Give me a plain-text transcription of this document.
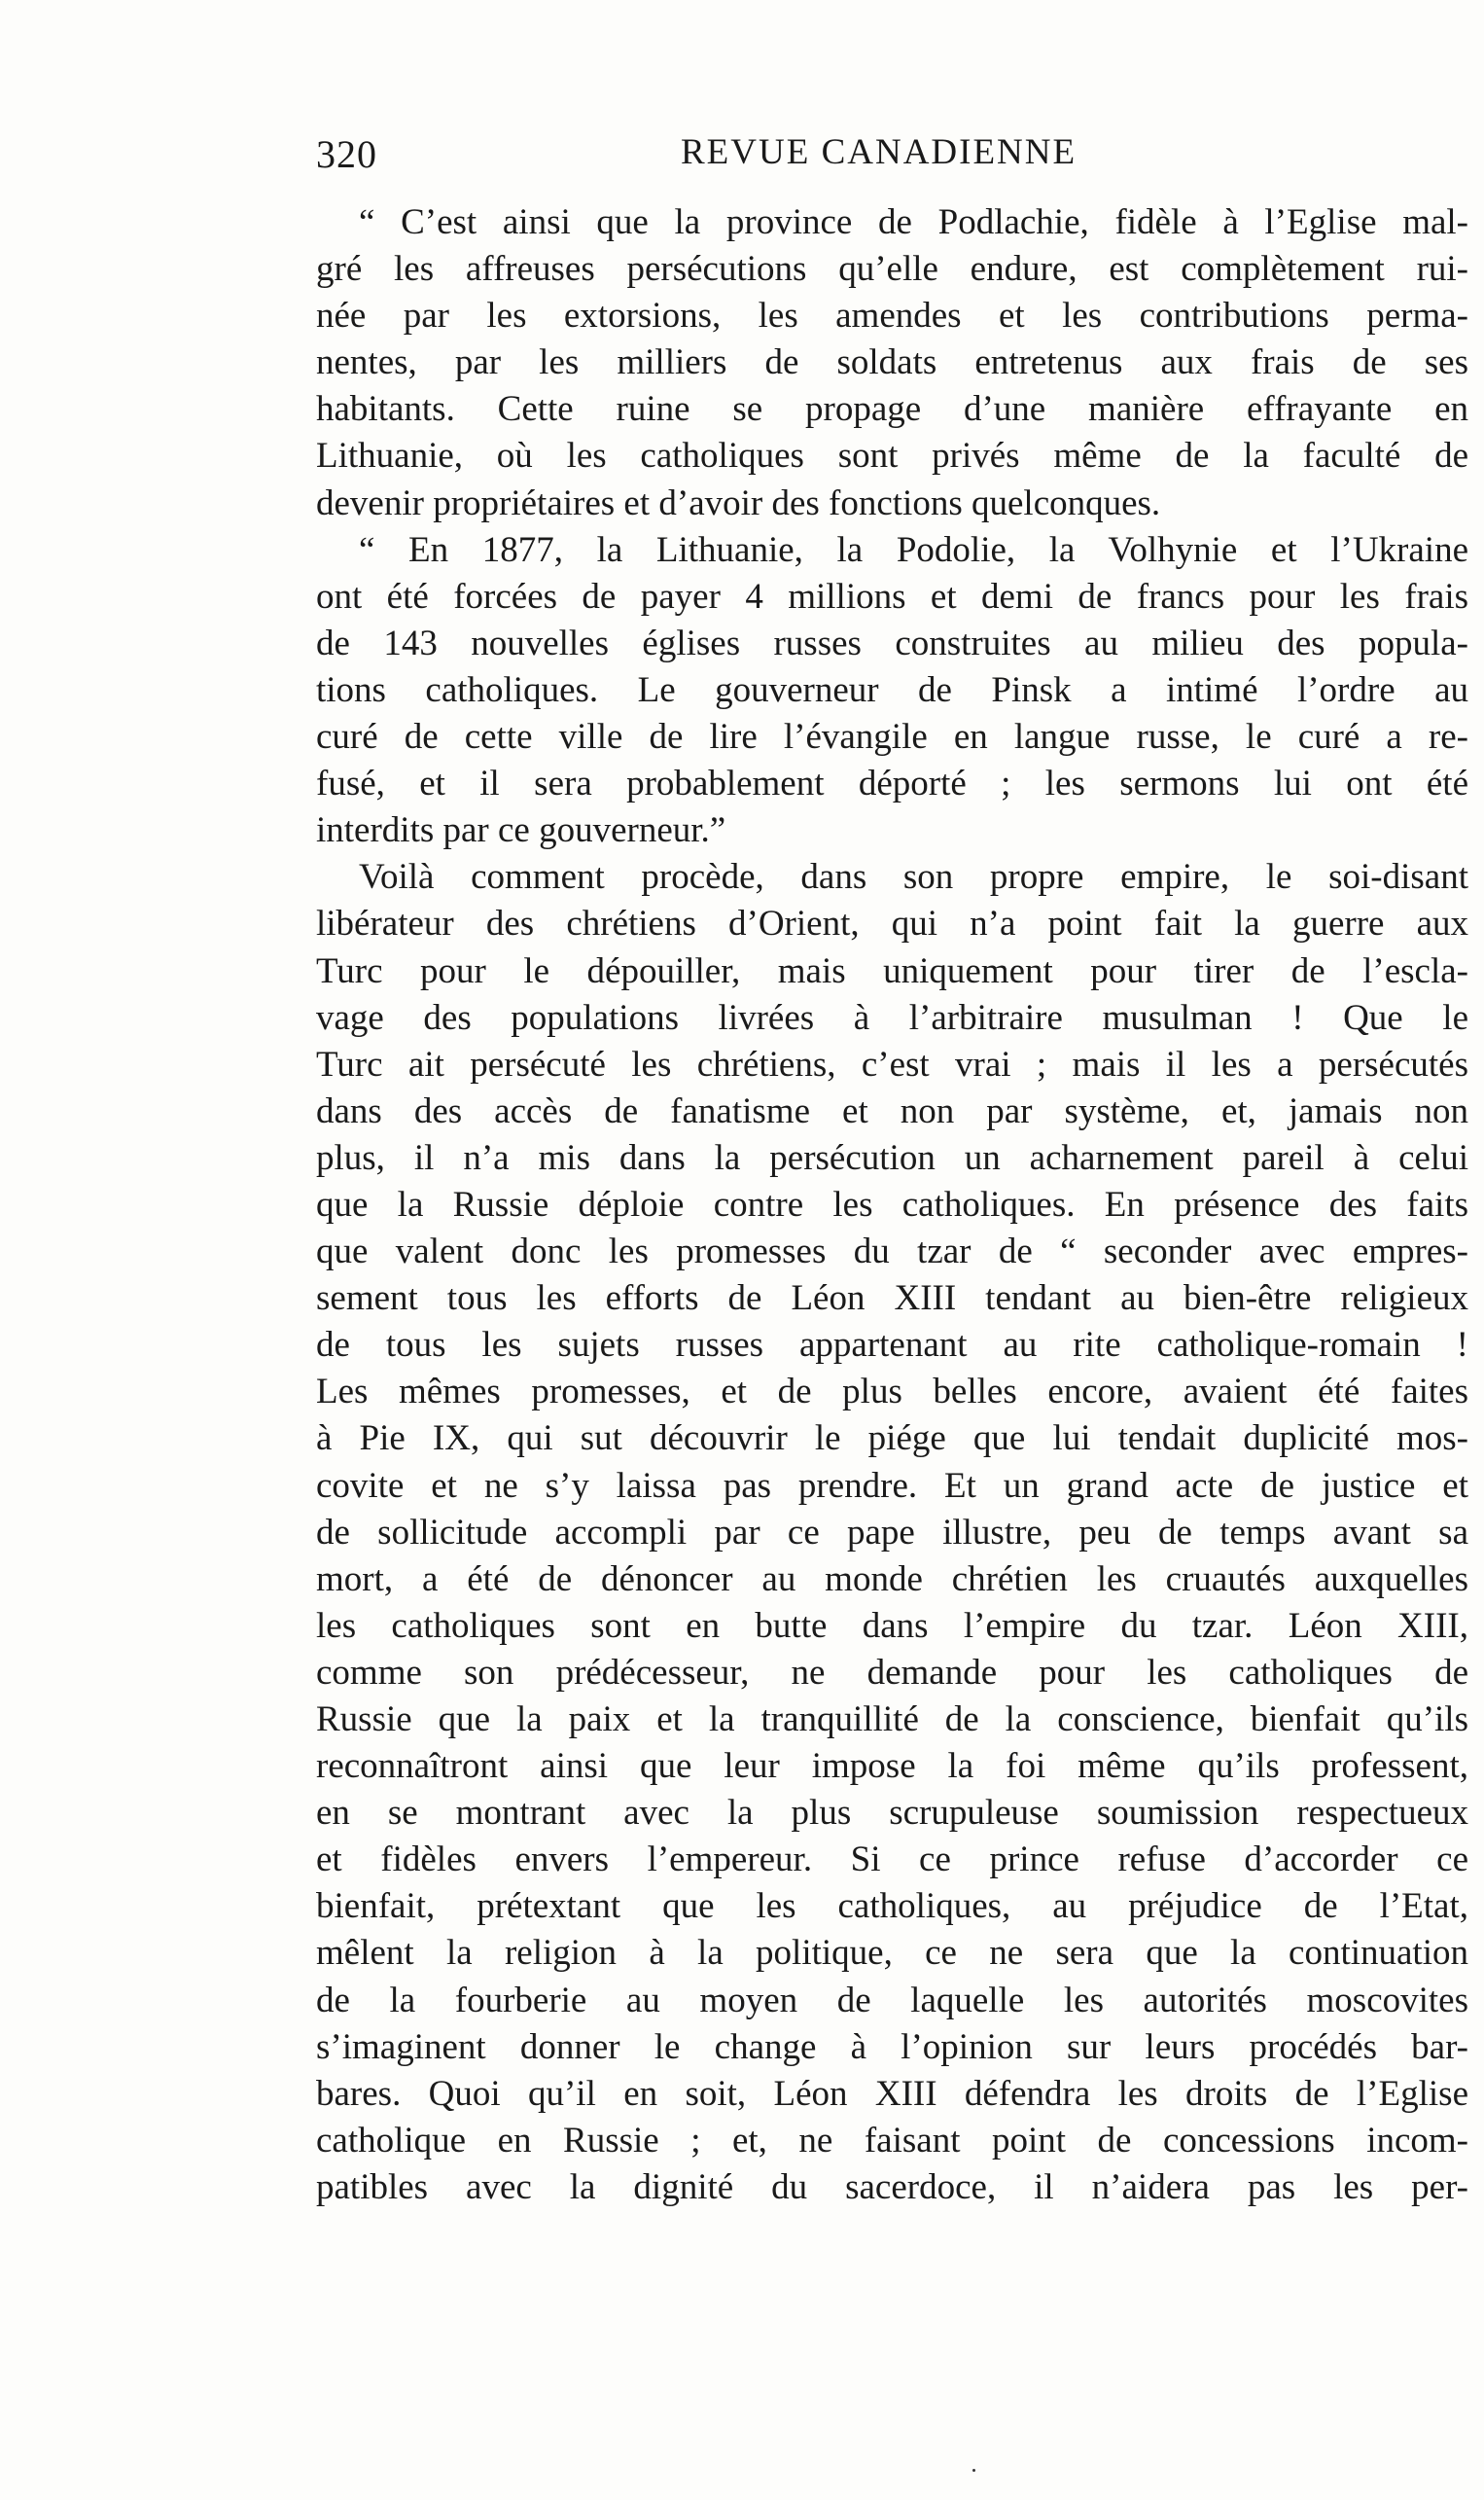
320	REVUE CANADIENNE
“ C’est ainsi que la province de Podlachie, fidèle à l’Eglise mal-
gré les affreuses persécutions qu’elle endure, est complètement rui-
née par les extorsions, les amendes et les contributions perma-
nentes, par les milliers de soldats entretenus aux frais de ses
habitants. Cette ruine se propage d’une manière effrayante en
Lithuanie, où les catholiques sont privés même de la faculté de
devenir propriétaires et d’avoir des fonctions quelconques.
“ En 1877, la Lithuanie, la Podolie, la Volhynie et l’Ukraine
ont été forcées de payer 4 millions et demi de francs pour les frais
de 143 nouvelles églises russes construites au milieu des popula-
tions catholiques. Le gouverneur de Pinsk a intimé l’ordre au
curé de cette ville de lire l’évangile en langue russe, le curé a re-
fusé, et il sera probablement déporté ; les sermons lui ont été
interdits par ce gouverneur.”
Voilà comment procède, dans son propre empire, le soi-disant
libérateur des chrétiens d’Orient, qui n’a point fait la guerre aux
Turc pour le dépouiller, mais uniquement pour tirer de l’escla-
vage des populations livrées à l’arbitraire musulman ! Que le
Turc ait persécuté les chrétiens, c’est vrai ; mais il les a persécutés
dans des accès de fanatisme et non par système, et, jamais non
plus, il n’a mis dans la persécution un acharnement pareil à celui
que la Russie déploie contre les catholiques. En présence des faits
que valent donc les promesses du tzar de “ seconder avec empres-
sement tous les efforts de Léon XIII tendant au bien-être religieux
de tous les sujets russes appartenant au rite catholique-romain !
Les mêmes promesses, et de plus belles encore, avaient été faites
à Pie IX, qui sut découvrir le piége que lui tendait duplicité mos-
covite et ne s’y laissa pas prendre. Et un grand acte de justice et
de sollicitude accompli par ce pape illustre, peu de temps avant sa
mort, a été de dénoncer au monde chrétien les cruautés auxquelles
les catholiques sont en butte dans l’empire du tzar. Léon XIII,
comme son prédécesseur, ne demande pour les catholiques de
Russie que la paix et la tranquillité de la conscience, bienfait qu’ils
reconnaîtront ainsi que leur impose la foi même qu’ils professent,
en se montrant avec la plus scrupuleuse soumission respectueux
et fidèles envers l’empereur. Si ce prince refuse d’accorder ce
bienfait, prétextant que les catholiques, au préjudice de l’Etat,
mêlent la religion à la politique, ce ne sera que la continuation
de la fourberie au moyen de laquelle les autorités moscovites
s’imaginent donner le change à l’opinion sur leurs procédés bar-
bares. Quoi qu’il en soit, Léon XIII défendra les droits de l’Eglise
catholique en Russie ; et, ne faisant point de concessions incom-
patibles avec la dignité du sacerdoce, il n’aidera pas les per-
